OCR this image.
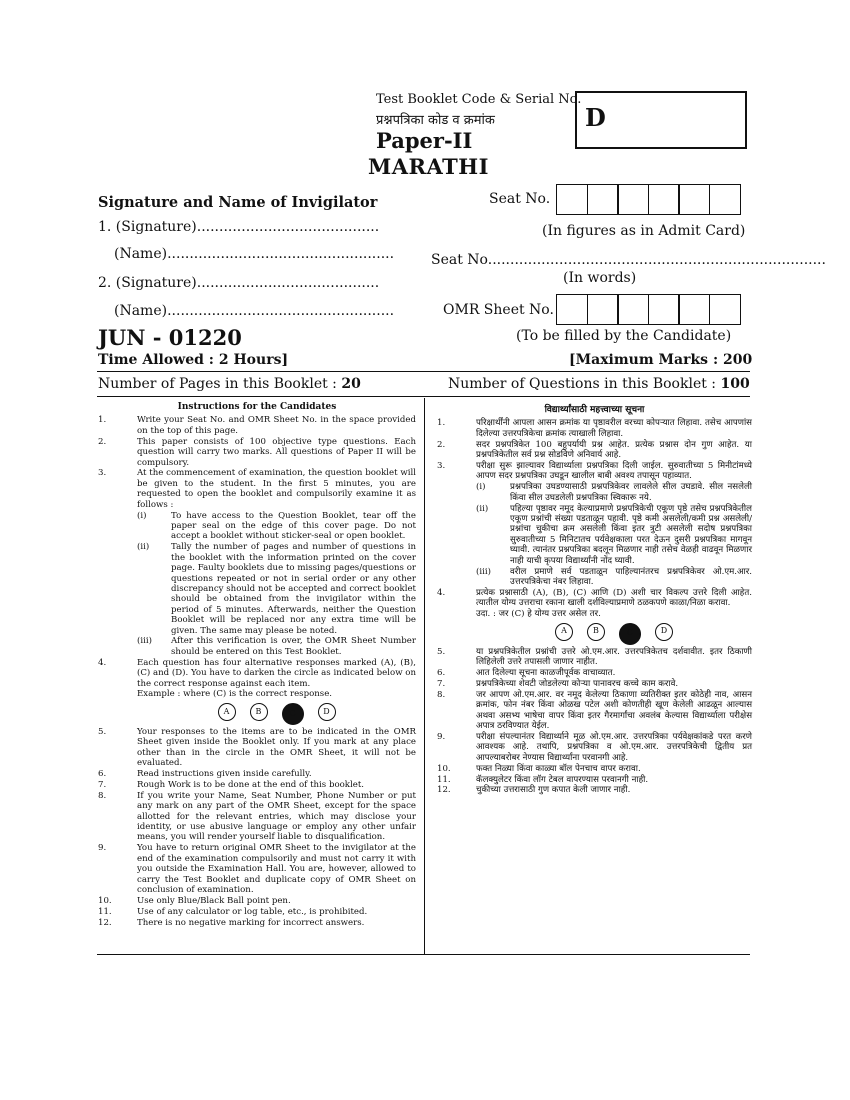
Test Booklet Code & Serial No.
प्रश्नपत्रिका कोड व क्रमांक
Paper-II
MARATHI
D
Signature and Name of Invigilator
1. (Signature).........................................
(Name)...................................................
2. (Signature).........................................
(Name)...................................................
Seat No.
(In figures as in Admit Card)
Seat No............................................................................
(In words)
OMR Sheet No.
(To be filled by the Candidate)
JUN - 01220
Time Allowed : 2 Hours]	[Maximum Marks : 200
Number of Pages in this Booklet : 20	Number of Questions in this Booklet : 100
Instructions for the Candidates
1.	Write your Seat No. and OMR Sheet No. in the space provided on the top of this page.
2.	This paper consists of 100 objective type questions. Each question will carry two marks. All questions of Paper II will be compulsory.
3.	At the commencement of examination, the question booklet will be given to the student. In the first 5 minutes, you are requested to open the booklet and compulsorily examine it as follows :
(i)	To have access to the Question Booklet, tear off the paper seal on the edge of this cover page. Do not accept a booklet without sticker-seal or open booklet.
(ii)	Tally the number of pages and number of questions in the booklet with the information printed on the cover page. Faulty booklets due to missing pages/questions or questions repeated or not in serial order or any other discrepancy should not be accepted and correct booklet should be obtained from the invigilator within the period of 5 minutes. Afterwards, neither the Question Booklet will be replaced nor any extra time will be given. The same may please be noted.
(iii) After this verification is over, the OMR Sheet Number should be entered on this Test Booklet.
4.	Each question has four alternative responses marked (A), (B), (C) and (D). You have to darken the circle as indicated below on the correct response against each item.
Example : where (C) is the correct response.
A	B	C	D
5.	Your responses to the items are to be indicated in the OMR Sheet given inside the Booklet only. If you mark at any place other than in the circle in the OMR Sheet, it will not be evaluated.
6.	Read instructions given inside carefully.
7.	Rough Work is to be done at the end of this booklet.
8.	If you write your Name, Seat Number, Phone Number or put any mark on any part of the OMR Sheet, except for the space allotted for the relevant entries, which may disclose your identity, or use abusive language or employ any other unfair means, you will render yourself liable to disqualification.
9.	You have to return original OMR Sheet to the invigilator at the end of the examination compulsorily and must not carry it with you outside the Examination Hall. You are, however, allowed to carry the Test Booklet and duplicate copy of OMR Sheet on conclusion of examination.
10.	Use only Blue/Black Ball point pen.
11.	Use of any calculator or log table, etc., is prohibited.
12.	There is no negative marking for incorrect answers.
विद्यार्थ्यांसाठी महत्त्वाच्या सूचना
1.	परिक्षार्थींनी आपला आसन क्रमांक या पृष्ठावरील वरच्या कोपऱ्यात लिहावा. तसेच आपणांस दिलेल्या उत्तरपत्रिकेचा क्रमांक त्याखाली लिहावा.
2.	सदर प्रश्नपत्रिकेत 100 बहुपर्यायी प्रश्न आहेत. प्रत्येक प्रश्नास दोन गुण आहेत. या प्रश्नपत्रिकेतील सर्व प्रश्न सोडविणे अनिवार्य आहे.
3.	परीक्षा सुरू झाल्यावर विद्यार्थ्याला प्रश्नपत्रिका दिली जाईल. सुरुवातीच्या 5 मिनीटांमध्ये आपण सदर प्रश्नपत्रिका उघडून खालील बाबी अवश्य तपासून पहाव्यात.
(i)	प्रश्नपत्रिका उघडण्यासाठी प्रश्नपत्रिकेवर लावलेले सील उघडावे. सील नसलेली किंवा सील उघडलेली प्रश्नपत्रिका स्विकारू नये.
(ii)	पहिल्या पृष्ठावर नमूद केल्याप्रमाणे प्रश्नपत्रिकेची एकूण पृष्ठे तसेच प्रश्नपत्रिकेतील एकूण प्रश्नांची संख्या पडताळून पहावी. पृष्ठे कमी असलेली/कमी प्रश्न असलेली/प्रश्नांचा चुकीचा क्रम असलेली किंवा इतर त्रुटी असलेली सदोष प्रश्नपत्रिका सुरुवातीच्या 5 मिनिटातच पर्यवेक्षकाला परत देऊन दुसरी प्रश्नपत्रिका मागवून घ्यावी. त्यानंतर प्रश्नपत्रिका बदलून मिळणार नाही तसेच वेळही वाढवून मिळणार नाही याची कृपया विद्यार्थ्यांनी नोंद घ्यावी.
(iii) वरील प्रमाणे सर्व पडताळून पाहिल्यानंतरच प्रश्नपत्रिकेवर ओ.एम.आर. उत्तरपत्रिकेचा नंबर लिहावा.
4.	प्रत्येक प्रश्नासाठी (A), (B), (C) आणि (D) अशी चार विकल्प उत्तरे दिली आहेत. त्यातील योग्य उत्तराचा रकाना खाली दर्शविल्याप्रमाणे ठळकपणे काळा/निळा करावा.
उदा. : जर (C) हे योग्य उत्तर असेल तर.
A	B	C	D
5.	या प्रश्नपत्रिकेतील प्रश्नांची उत्तरे ओ.एम.आर. उत्तरपत्रिकेतच दर्शवावीत. इतर ठिकाणी लिहिलेली उत्तरे तपासली जाणार नाहीत.
6.	आत दिलेल्या सूचना काळजीपूर्वक वाचाव्यात.
7.	प्रश्नपत्रिकेच्या शेवटी जोडलेल्या कोऱ्या पानावरच कच्चे काम करावे.
8.	जर आपण ओ.एम.आर. वर नमूद केलेल्या ठिकाणा व्यतिरीक्त इतर कोठेही नाव, आसन क्रमांक, फोन नंबर किंवा ओळख पटेल अशी कोणतीही खूण केलेली आढळून आल्यास अथवा असभ्य भाषेचा वापर किंवा इतर गैरमार्गांचा अवलंब केल्यास विद्यार्थ्याला परीक्षेस अपात्र ठरविण्यात येईल.
9.	परीक्षा संपल्यानंतर विद्यार्थ्याने मूळ ओ.एम.आर. उत्तरपत्रिका पर्यवेक्षकांकडे परत करणे आवश्यक आहे. तथापि, प्रश्नपत्रिका व ओ.एम.आर. उत्तरपत्रिकेची द्वितीय प्रत आपल्याबरोबर नेण्यास विद्यार्थ्यांना परवानगी आहे.
10.	फक्त निळ्या किंवा काळ्या बॉल पेनचाच वापर करावा.
11.	कॅलक्युलेटर किंवा लॉग टेबल वापरण्यास परवानगी नाही.
12.	चुकीच्या उत्तरासाठी गुण कपात केली जाणार नाही.
